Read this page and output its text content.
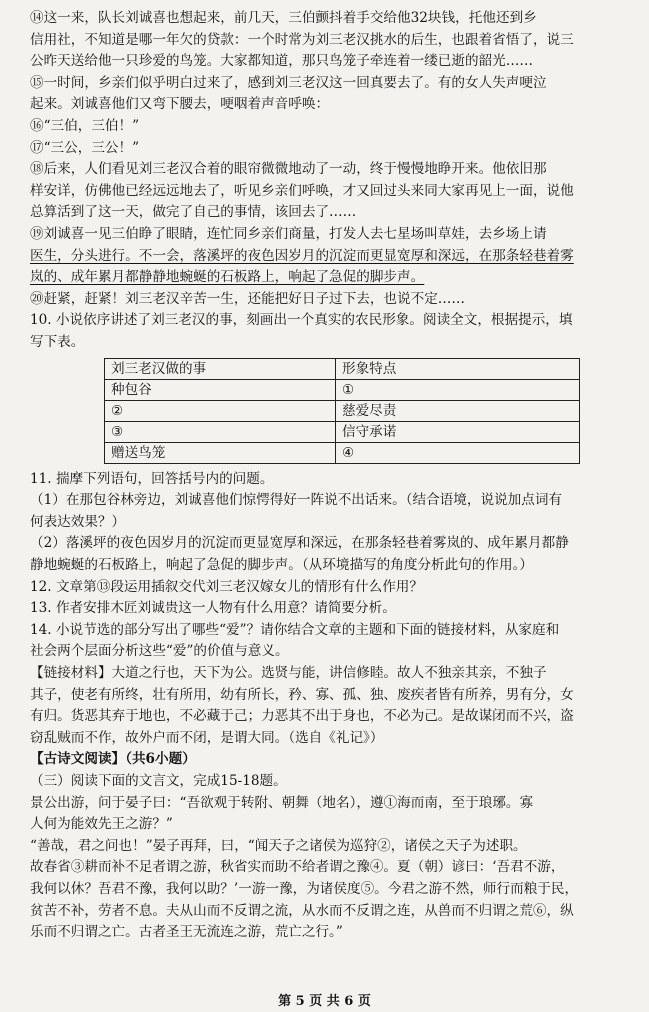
⑭这一来，队长刘诚喜也想起来，前几天，三伯颤抖着手交给他32块钱，托他还到乡
信用社，不知道是哪一年欠的贷款：一个时常为刘三老汉挑水的后生，也跟着省悟了，说三
公昨天送给他一只珍爱的鸟笼。大家都知道，那只鸟笼子牵连着一缕已逝的韶光……
⑮一时间，乡亲们似乎明白过来了，感到刘三老汉这一回真要去了。有的女人失声哽泣
起来。刘诚喜他们又弯下腰去，哽咽着声音呼唤：
⑯“三伯，三伯！”
⑰“三公，三公！”
⑱后来，人们看见刘三老汉合着的眼帘微微地动了一动，终于慢慢地睁开来。他依旧那
样安详，仿佛他已经远远地去了，听见乡亲们呼唤，才又回过头来同大家再见上一面，说他
总算活到了这一天，做完了自己的事情，该回去了……
⑲刘诚喜一见三伯睁了眼睛，连忙同乡亲们商量，打发人去七星场叫草娃，去乡场上请
医生，分头进行。不一会，落溪坪的夜色因岁月的沉淀而更显宽厚和深远，在那条轻巷着雾
岚的、成年累月都静静地蜿蜒的石板路上，响起了急促的脚步声。
⑳赶紧，赶紧！刘三老汉辛苦一生，还能把好日子过下去，也说不定……
10. 小说依序讲述了刘三老汉的事，刻画出一个真实的农民形象。阅读全文，根据提示，填
写下表。
刘三老汉做的事	形象特点
种包谷	①
②	慈爱尽责
③	信守承诺
赠送鸟笼	④
11. 揣摩下列语句，回答括号内的问题。
（1）在那包谷林旁边，刘诚喜他们惊愕得好一阵说不出话来。（结合语境，说说加点词有
何表达效果？）
（2）落溪坪的夜色因岁月的沉淀而更显宽厚和深远，在那条轻巷着雾岚的、成年累月都静
静地蜿蜒的石板路上，响起了急促的脚步声。（从环境描写的角度分析此句的作用。）
12. 文章第⑬段运用插叙交代刘三老汉嫁女儿的情形有什么作用？
13. 作者安排木匠刘诚贵这一人物有什么用意？请简要分析。
14. 小说节选的部分写出了哪些“爱”？请你结合文章的主题和下面的链接材料，从家庭和
社会两个层面分析这些“爱”的价值与意义。
【链接材料】大道之行也，天下为公。选贤与能，讲信修睦。故人不独亲其亲，不独子
其子，使老有所终，壮有所用，幼有所长，矜、寡、孤、独、废疾者皆有所养，男有分，女
有归。货恶其弃于地也，不必藏于己；力恶其不出于身也，不必为己。是故谋闭而不兴，盗
窃乱贼而不作，故外户而不闭，是谓大同。（选自《礼记》）
【古诗文阅读】（共6小题）
（三）阅读下面的文言文，完成15-18题。
景公出游，问于晏子曰：“吾欲观于转附、朝舞（地名），遵①海而南，至于琅琊。寡
人何为能效先王之游？”
“善哉，君之问也！”晏子再拜，曰，“闻天子之诸侯为巡狩②，诸侯之天子为述职。
故春省③耕而补不足者谓之游，秋省实而助不给者谓之豫④。夏（朝）谚曰：‘吾君不游，
我何以休？吾君不豫，我何以助？’一游一豫，为诸侯度⑤。今君之游不然，师行而粮于民，
贫苦不补，劳者不息。夫从山而不反谓之流，从水而不反谓之连，从兽而不归谓之荒⑥，纵
乐而不归谓之亡。古者圣王无流连之游，荒亡之行。”
第 5 页 共 6 页
